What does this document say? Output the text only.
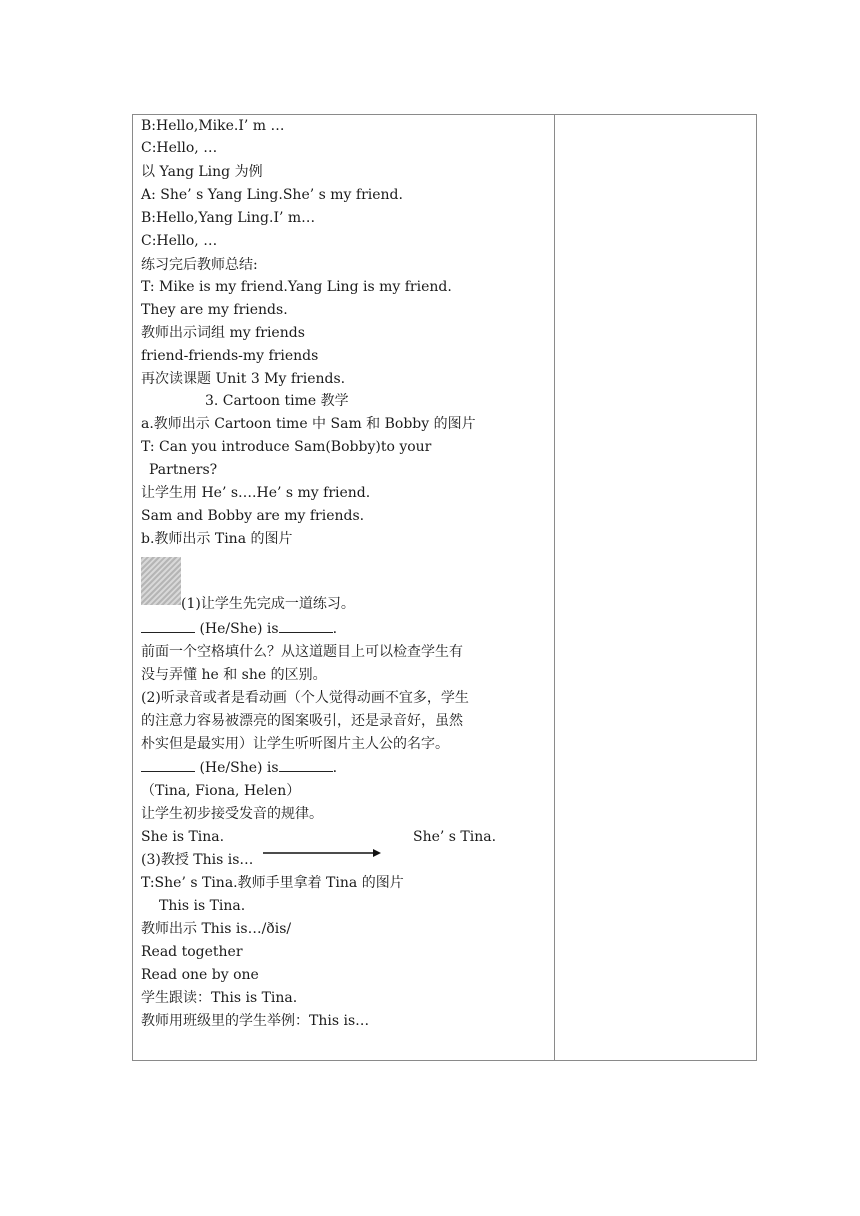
B:Hello,Mike.I’ m …
C:Hello, …
以 Yang Ling 为例
A: She’ s Yang Ling.She’ s my friend.
B:Hello,Yang Ling.I’ m…
C:Hello, …
练习完后教师总结:
T: Mike is my friend.Yang Ling is my friend.
They are my friends.
教师出示词组 my friends
friend-friends-my friends
再次读课题 Unit 3 My friends.
3. Cartoon time 教学
a.教师出示 Cartoon time 中 Sam 和 Bobby 的图片
T: Can you introduce Sam(Bobby)to your
Partners?
让学生用 He’ s….He’ s my friend.
Sam and Bobby are my friends.
b.教师出示 Tina 的图片
(1)让学生先完成一道练习。
(He/She) is	.
前面一个空格填什么？从这道题目上可以检查学生有
没与弄懂 he 和 she 的区别。
(2)听录音或者是看动画（个人觉得动画不宜多，学生
的注意力容易被漂亮的图案吸引，还是录音好，虽然
朴实但是最实用）让学生听听图片主人公的名字。
(He/She) is	.
（Tina, Fiona, Helen）
让学生初步接受发音的规律。
She is Tina.	She’ s Tina.
(3)教授 This is…
T:She’ s Tina.教师手里拿着 Tina 的图片
This is Tina.
教师出示 This is…/ðis/
Read together
Read one by one
学生跟读：This is Tina.
教师用班级里的学生举例：This is…
